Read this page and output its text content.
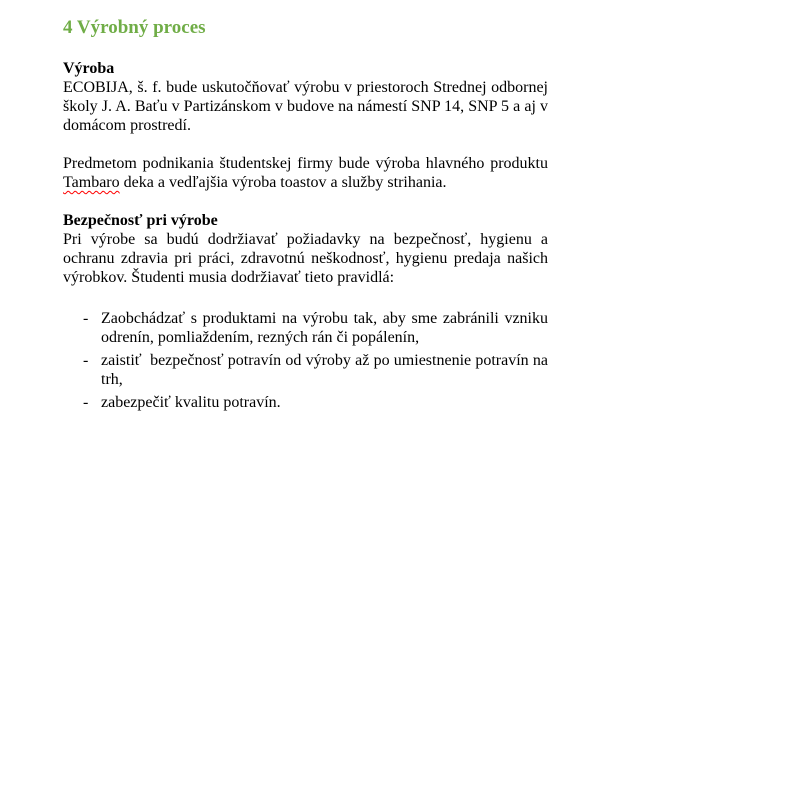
4 Výrobný proces

Výroba

ECOBIJA, š. f. bude uskutočňovať výrobu v priestoroch Strednej odbornej školy J. A. Baťu v Partizánskom v budove na námestí SNP 14, SNP 5 a aj v domácom prostredí.

Predmetom podnikania študentskej firmy bude výroba hlavného produktu Tambaro deka a vedľajšia výroba toastov a služby strihania.

Bezpečnosť pri výrobe

Pri výrobe sa budú dodržiavať požiadavky na bezpečnosť, hygienu a ochranu zdravia pri práci, zdravotnú neškodnosť, hygienu predaja našich výrobkov. Študenti musia dodržiavať tieto pravidlá:

- Zaobchádzať s produktami na výrobu tak, aby sme zabránili vzniku odrenín, pomliaždením, rezných rán či popálenín,
- zaistiť  bezpečnosť potravín od výroby až po umiestnenie potravín na trh,
- zabezpečiť kvalitu potravín.
